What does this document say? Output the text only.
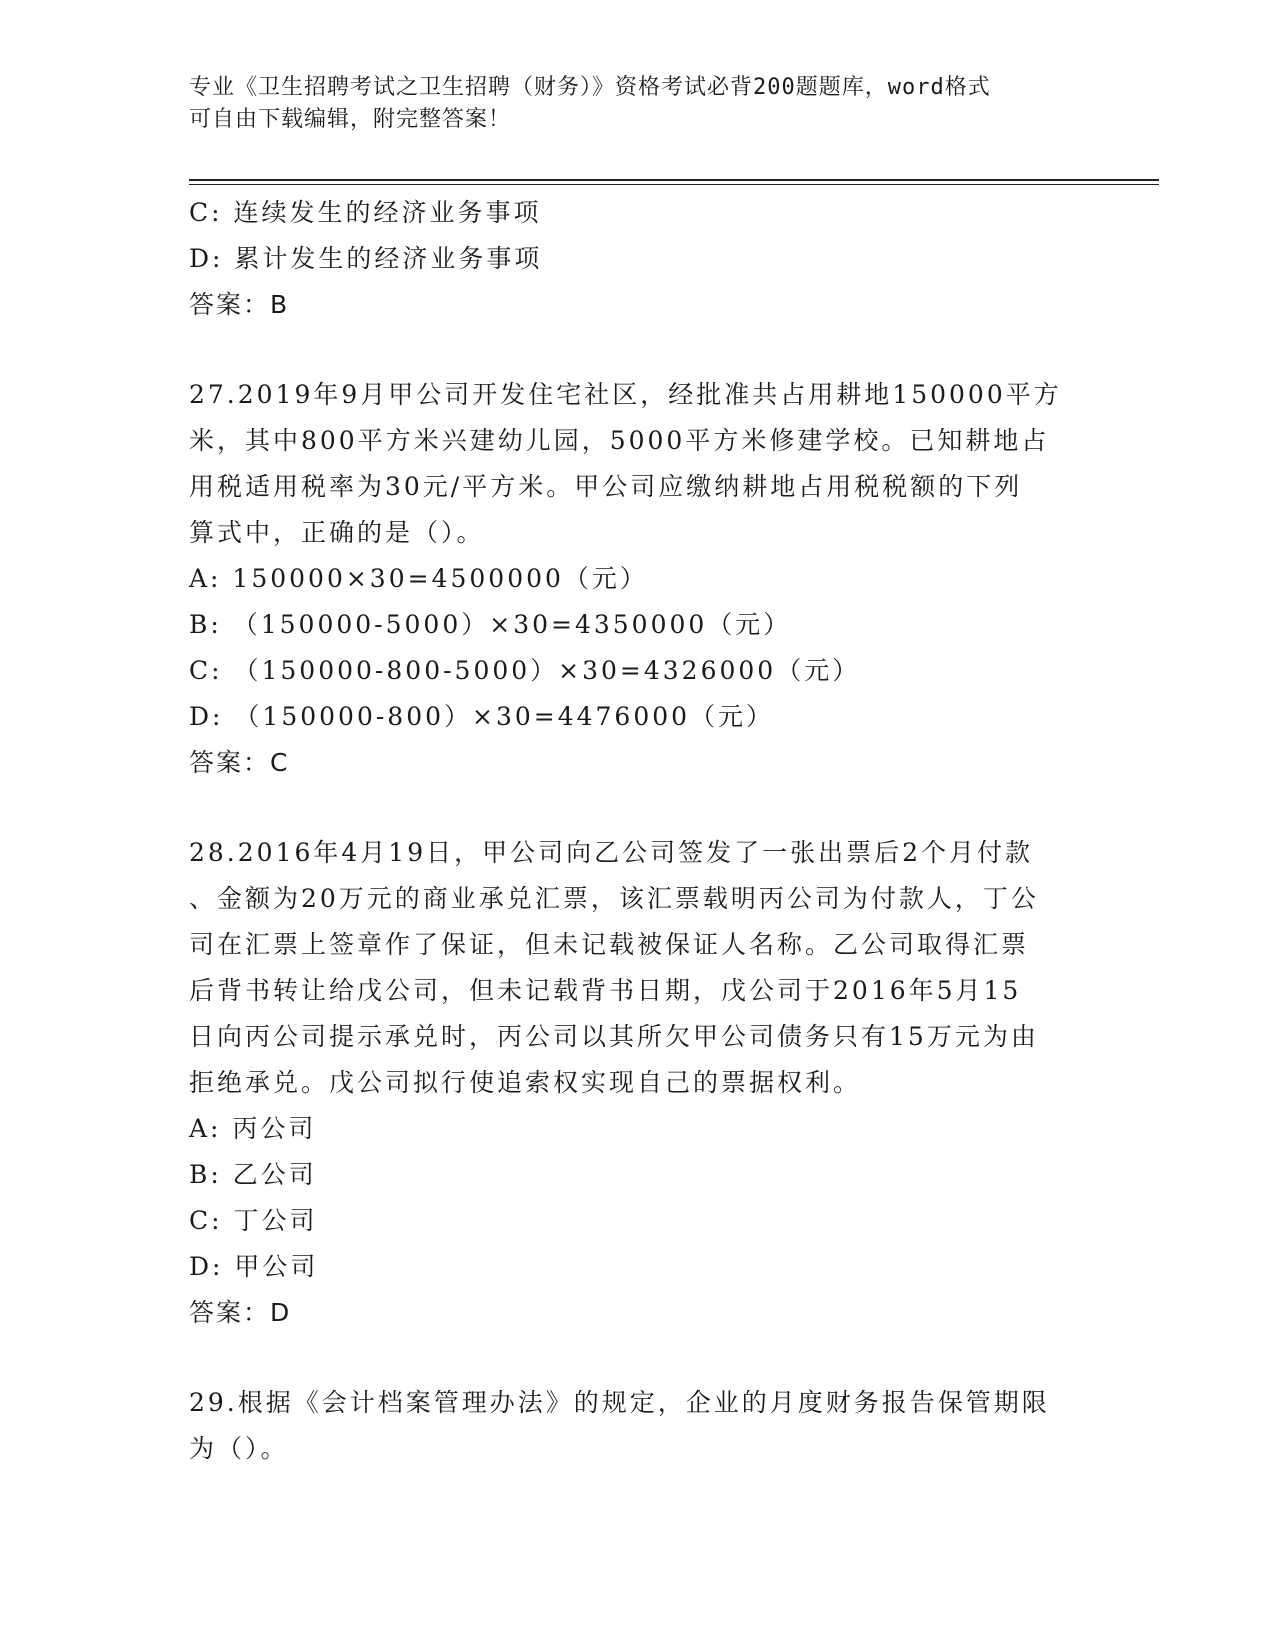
专业《卫生招聘考试之卫生招聘（财务）》资格考试必背200题题库，word格式
可自由下载编辑，附完整答案！
C: 连续发生的经济业务事项
D: 累计发生的经济业务事项
答案：B
27.2019年9月甲公司开发住宅社区，经批准共占用耕地150000平方
米，其中800平方米兴建幼儿园，5000平方米修建学校。已知耕地占
用税适用税率为30元/平方米。甲公司应缴纳耕地占用税税额的下列
算式中，正确的是（）。
A: 150000×30=4500000（元）
B: （150000-5000）×30=4350000（元）
C: （150000-800-5000）×30=4326000（元）
D: （150000-800）×30=4476000（元）
答案：C
28.2016年4月19日，甲公司向乙公司签发了一张出票后2个月付款
、金额为20万元的商业承兑汇票，该汇票载明丙公司为付款人，丁公
司在汇票上签章作了保证，但未记载被保证人名称。乙公司取得汇票
后背书转让给戊公司，但未记载背书日期，戊公司于2016年5月15
日向丙公司提示承兑时，丙公司以其所欠甲公司债务只有15万元为由
拒绝承兑。戊公司拟行使追索权实现自己的票据权利。
A: 丙公司
B: 乙公司
C: 丁公司
D: 甲公司
答案：D
29.根据《会计档案管理办法》的规定，企业的月度财务报告保管期限
为（）。
